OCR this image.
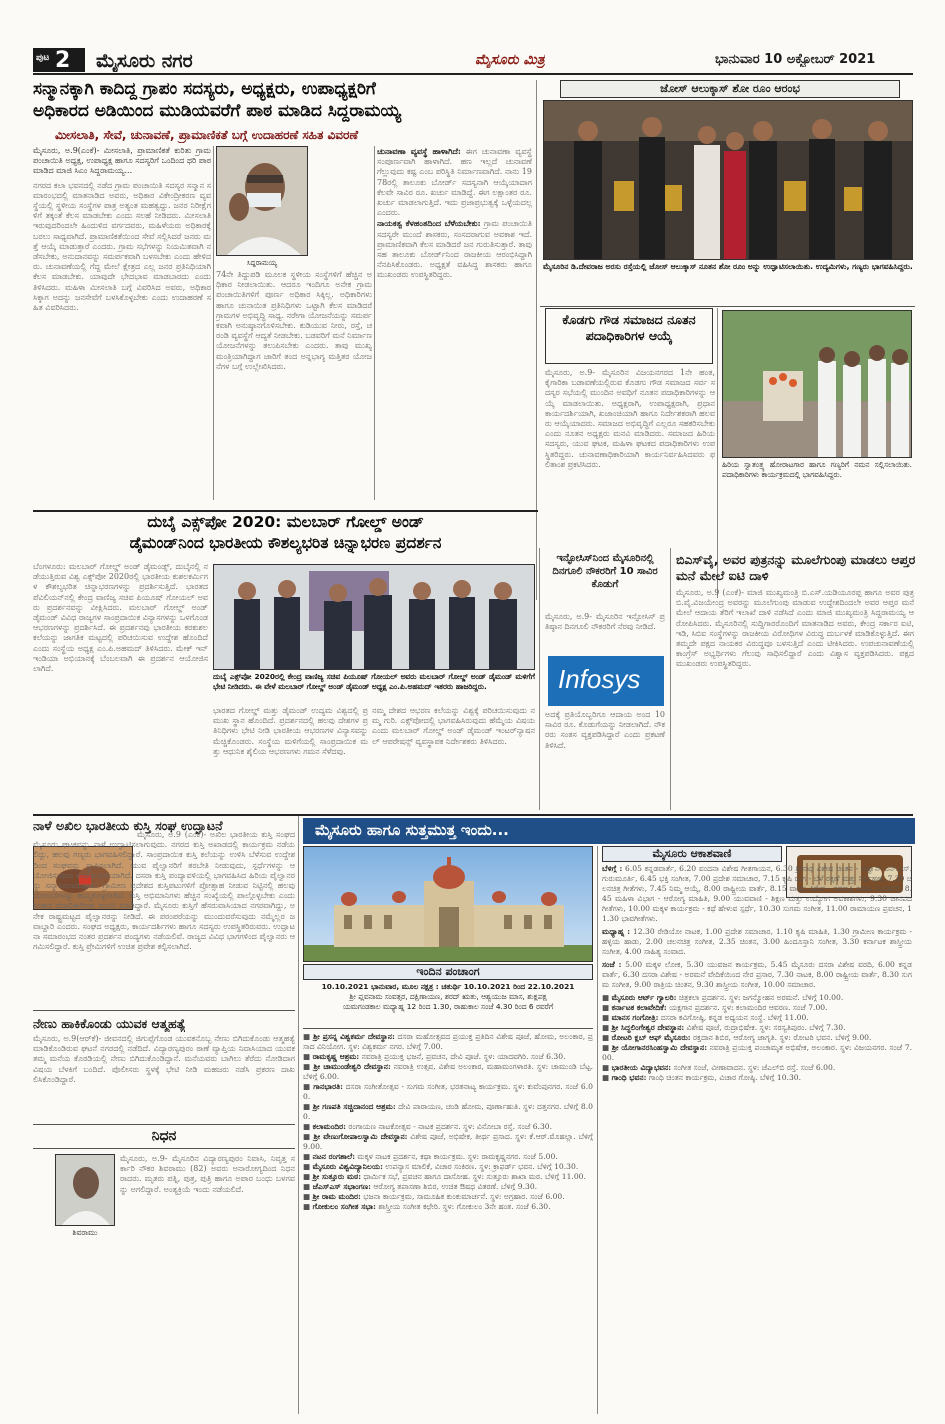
ಪುಟ 2 ಮೈಸೂರು ನಗರ	ಮೈಸೂರು ಮಿತ್ರ	ಭಾನುವಾರ 10 ಅಕ್ಟೋಬರ್ 2021
ಸನ್ಮಾನಕ್ಕಾಗಿ ಕಾದಿದ್ದ ಗ್ರಾಪಂ ಸದಸ್ಯರು, ಅಧ್ಯಕ್ಷರು, ಉಪಾಧ್ಯಕ್ಷರಿಗೆ
ಅಧಿಕಾರದ ಅಡಿಯಿಂದ ಮುಡಿಯವರೆಗೆ ಪಾಠ ಮಾಡಿದ ಸಿದ್ದರಾಮಯ್ಯ
ಮೀಸಲಾತಿ, ಸೇವೆ, ಚುನಾವಣೆ, ಪ್ರಾಮಾಣಿಕತೆ ಬಗ್ಗೆ ಉದಾಹರಣೆ ಸಹಿತ ವಿವರಣೆ

ಮೈಸೂರು, ಅ.9(ಎಂಕೆ)- ಮೀಸಲಾತಿ, ಪ್ರಾಮಾಣಿಕತೆ ಕುರಿತು ಗ್ರಾಮ ಪಂಚಾಯಿತಿ ಅಧ್ಯಕ್ಷ, ಉಪಾಧ್ಯಕ್ಷ ಹಾಗೂ ಸದಸ್ಯರಿಗೆ ಒಂದಿಂದ ಥರಿ ಪಾಠ ಮಾಡಿದ ಮಾಜಿ ಸಿಎಂ ಸಿದ್ದರಾಮಯ್ಯ...

ನಗರದ ಕಲಾ ಭವನದಲ್ಲಿ ನಡೆದ ಗ್ರಾಮ ಪಂಚಾಯಿತಿ ಸದಸ್ಯರ ಸನ್ಮಾನ ಸಮಾರಂಭದಲ್ಲಿ ಮಾತನಾಡಿದ ಅವರು, ಅಧಿಕಾರ ವಿಕೇಂದ್ರೀಕರಣ ವ್ಯವಸ್ಥೆಯಲ್ಲಿ ಸ್ಥಳೀಯ ಸಂಸ್ಥೆಗಳ ಪಾತ್ರ ಅತ್ಯಂತ ಮಹತ್ವದ್ದು. ಜನರ ನಿರೀಕ್ಷೆಗಳಿಗೆ ತಕ್ಕಂತೆ ಕೆಲಸ ಮಾಡಬೇಕು ಎಂದು ಸಲಹೆ ನೀಡಿದರು. ಮೀಸಲಾತಿ ಇರುವುದರಿಂದಲೇ ಹಿಂದುಳಿದ ವರ್ಗದವರು, ಮಹಿಳೆಯರು ಅಧಿಕಾರಕ್ಕೆ ಬರಲು ಸಾಧ್ಯವಾಗಿದೆ. ಪ್ರಾಮಾಣಿಕತೆಯಿಂದ ಸೇವೆ ಸಲ್ಲಿಸಿದರೆ ಜನರು ಮತ್ತೆ ಆಯ್ಕೆ ಮಾಡುತ್ತಾರೆ ಎಂದರು. ಗ್ರಾಮ ಸಭೆಗಳನ್ನು ನಿಯಮಿತವಾಗಿ ನಡೆಸಬೇಕು, ಅನುದಾನವನ್ನು ಸಮರ್ಪಕವಾಗಿ ಬಳಸಬೇಕು ಎಂದು ಹೇಳಿದರು. ಚುನಾವಣೆಯಲ್ಲಿ ಗೆದ್ದ ಮೇಲೆ ಕ್ಷೇತ್ರದ ಎಲ್ಲ ಜನರ ಪ್ರತಿನಿಧಿಯಾಗಿ ಕೆಲಸ ಮಾಡಬೇಕು. ಯಾವುದೇ ಭೇದಭಾವ ಮಾಡಬಾರದು ಎಂದು ತಿಳಿಸಿದರು. ಮಹಿಳಾ ಮೀಸಲಾತಿ ಬಗ್ಗೆ ವಿವರಿಸಿದ ಅವರು, ಅಧಿಕಾರ ಸಿಕ್ಕಾಗ ಅದನ್ನು ಜನಸೇವೆಗೆ ಬಳಸಿಕೊಳ್ಳಬೇಕು ಎಂದು ಉದಾಹರಣೆ ಸಹಿತ ವಿವರಿಸಿದರು.

ಸಿದ್ದರಾಮಯ್ಯ
74ನೇ ತಿದ್ದುಪಡಿ ಮೂಲಕ ಸ್ಥಳೀಯ ಸಂಸ್ಥೆಗಳಿಗೆ ಹೆಚ್ಚಿನ ಅಧಿಕಾರ ನೀಡಲಾಯಿತು. ಆದರೂ ಇಂದಿಗೂ ಅನೇಕ ಗ್ರಾಮ ಪಂಚಾಯಿತಿಗಳಿಗೆ ಪೂರ್ಣ ಅಧಿಕಾರ ಸಿಕ್ಕಿಲ್ಲ. ಅಧಿಕಾರಿಗಳು ಹಾಗೂ ಚುನಾಯಿತ ಪ್ರತಿನಿಧಿಗಳು ಒಟ್ಟಾಗಿ ಕೆಲಸ ಮಾಡಿದರೆ ಗ್ರಾಮಗಳ ಅಭಿವೃದ್ಧಿ ಸಾಧ್ಯ. ನರೇಗಾ ಯೋಜನೆಯನ್ನು ಸಮರ್ಪಕವಾಗಿ ಅನುಷ್ಠಾನಗೊಳಿಸಬೇಕು. ಕುಡಿಯುವ ನೀರು, ರಸ್ತೆ, ಚರಂಡಿ ವ್ಯವಸ್ಥೆಗೆ ಆದ್ಯತೆ ನೀಡಬೇಕು. ಬಡವರಿಗೆ ಮನೆ ನಿರ್ಮಾಣ ಯೋಜನೆಗಳನ್ನು ತಲುಪಿಸಬೇಕು ಎಂದರು. ತಾವು ಮುಖ್ಯಮಂತ್ರಿಯಾಗಿದ್ದಾಗ ಜಾರಿಗೆ ತಂದ ಅನ್ನಭಾಗ್ಯ ಮತ್ತಿತರ ಯೋಜನೆಗಳ ಬಗ್ಗೆ ಉಲ್ಲೇಖಿಸಿದರು.
ಚುನಾವಣಾ ವ್ಯವಸ್ಥೆ ಹಾಳಾಗಿದೆ: ಈಗ ಚುನಾವಣಾ ವ್ಯವಸ್ಥೆ ಸಂಪೂರ್ಣವಾಗಿ ಹಾಳಾಗಿದೆ. ಹಣ ಇಲ್ಲದೆ ಚುನಾವಣೆ ಗೆಲ್ಲುವುದು ಕಷ್ಟ ಎಂಬ ಪರಿಸ್ಥಿತಿ ನಿರ್ಮಾಣವಾಗಿದೆ. ನಾನು 1978ರಲ್ಲಿ ತಾಲೂಕು ಬೋರ್ಡ್ ಸದಸ್ಯನಾಗಿ ಆಯ್ಕೆಯಾದಾಗ ಕೆಲವೇ ಸಾವಿರ ರೂ. ಖರ್ಚು ಮಾಡಿದ್ದೆ. ಈಗ ಲಕ್ಷಾಂತರ ರೂ. ಖರ್ಚು ಮಾಡಲಾಗುತ್ತಿದೆ. ಇದು ಪ್ರಜಾಪ್ರಭುತ್ವಕ್ಕೆ ಒಳ್ಳೆಯದಲ್ಲ ಎಂದರು.
ನಾಯಕತ್ವ ಕೆಳಹಂತದಿಂದ ಬೆಳೆಯಬೇಕು: ಗ್ರಾಮ ಪಂಚಾಯಿತಿ ಸದಸ್ಯರೇ ಮುಂದೆ ಶಾಸಕರು, ಸಂಸದರಾಗುವ ಅವಕಾಶ ಇದೆ. ಪ್ರಾಮಾಣಿಕವಾಗಿ ಕೆಲಸ ಮಾಡಿದರೆ ಜನ ಗುರುತಿಸುತ್ತಾರೆ. ತಾವು ಸಹ ತಾಲೂಕು ಬೋರ್ಡ್‌ನಿಂದ ರಾಜಕೀಯ ಆರಂಭಿಸಿದ್ದಾಗಿ ನೆನಪಿಸಿಕೊಂಡರು. ಅಧ್ಯಕ್ಷತೆ ವಹಿಸಿದ್ದ ಶಾಸಕರು ಹಾಗೂ ಮುಖಂಡರು ಉಪಸ್ಥಿತರಿದ್ದರು.
ಜೋಸ್ ಆಲುಕ್ಕಾಸ್ ಶೋ ರೂಂ ಆರಂಭ
ಮೈಸೂರಿನ ಡಿ.ದೇವರಾಜ ಅರಸು ರಸ್ತೆಯಲ್ಲಿ ಜೋಸ್ ಆಲುಕ್ಕಾಸ್ ನೂತನ ಶೋ ರೂಂ ಅನ್ನು ಉದ್ಘಾಟಿಸಲಾಯಿತು. ಉದ್ಯಮಿಗಳು, ಗಣ್ಯರು ಭಾಗವಹಿಸಿದ್ದರು.
ಕೊಡಗು ಗೌಡ ಸಮಾಜದ ನೂತನ ಪದಾಧಿಕಾರಿಗಳ ಆಯ್ಕೆ
ಮೈಸೂರು, ಅ.9- ಮೈಸೂರಿನ ವಿಜಯನಗರದ 1ನೇ ಹಂತ, ಕೈಗಾರಿಕಾ ಬಡಾವಣೆಯಲ್ಲಿರುವ ಕೊಡಗು ಗೌಡ ಸಮಾಜದ ಸರ್ವ ಸದಸ್ಯರ ಸಭೆಯಲ್ಲಿ ಮುಂದಿನ ಅವಧಿಗೆ ನೂತನ ಪದಾಧಿಕಾರಿಗಳನ್ನು ಆಯ್ಕೆ ಮಾಡಲಾಯಿತು. ಅಧ್ಯಕ್ಷರಾಗಿ, ಉಪಾಧ್ಯಕ್ಷರಾಗಿ, ಪ್ರಧಾನ ಕಾರ್ಯದರ್ಶಿಯಾಗಿ, ಖಜಾಂಚಿಯಾಗಿ ಹಾಗೂ ನಿರ್ದೇಶಕರಾಗಿ ಹಲವರು ಆಯ್ಕೆಯಾದರು. ಸಮಾಜದ ಅಭಿವೃದ್ಧಿಗೆ ಎಲ್ಲರೂ ಸಹಕರಿಸಬೇಕು ಎಂದು ನೂತನ ಅಧ್ಯಕ್ಷರು ಮನವಿ ಮಾಡಿದರು. ಸಮಾಜದ ಹಿರಿಯ ಸದಸ್ಯರು, ಯುವ ಘಟಕ, ಮಹಿಳಾ ಘಟಕದ ಪದಾಧಿಕಾರಿಗಳು ಉಪಸ್ಥಿತರಿದ್ದರು. ಚುನಾವಣಾಧಿಕಾರಿಯಾಗಿ ಕಾರ್ಯನಿರ್ವಹಿಸಿದವರು ಫಲಿತಾಂಶ ಪ್ರಕಟಿಸಿದರು.	ಹಿರಿಯ ಸ್ವಾತಂತ್ರ್ಯ ಹೋರಾಟಗಾರ ಹಾಗೂ ಗಣ್ಯರಿಗೆ ನಮನ ಸಲ್ಲಿಸಲಾಯಿತು. ಪದಾಧಿಕಾರಿಗಳು ಕಾರ್ಯಕ್ರಮದಲ್ಲಿ ಭಾಗವಹಿಸಿದ್ದರು.
ದುಬೈ ಎಕ್ಸ್‌ಪೋ 2020: ಮಲಬಾರ್ ಗೋಲ್ಡ್ ಅಂಡ್
ಡೈಮಂಡ್‌ನಿಂದ ಭಾರತೀಯ ಕೌಶಲ್ಯಭರಿತ ಚಿನ್ನಾಭರಣ ಪ್ರದರ್ಶನ
ಬೆಂಗಳೂರು: ಮಲಬಾರ್ ಗೋಲ್ಡ್ ಅಂಡ್ ಡೈಮಂಡ್ಸ್, ದುಬೈನಲ್ಲಿ ನಡೆಯುತ್ತಿರುವ ವಿಶ್ವ ಎಕ್ಸ್‌ಪೋ 2020ರಲ್ಲಿ ಭಾರತೀಯ ಕುಶಲಕರ್ಮಿಗಳ ಕೌಶಲ್ಯಭರಿತ ಚಿನ್ನಾಭರಣಗಳನ್ನು ಪ್ರದರ್ಶಿಸುತ್ತಿದೆ. ಭಾರತದ ಪೆವಿಲಿಯನ್‌ನಲ್ಲಿ ಕೇಂದ್ರ ವಾಣಿಜ್ಯ ಸಚಿವ ಪಿಯೂಷ್ ಗೋಯಲ್ ಅವರು ಪ್ರದರ್ಶನವನ್ನು ವೀಕ್ಷಿಸಿದರು. ಮಲಬಾರ್ ಗೋಲ್ಡ್ ಅಂಡ್ ಡೈಮಂಡ್ ವಿವಿಧ ರಾಜ್ಯಗಳ ಸಾಂಪ್ರದಾಯಿಕ ವಿನ್ಯಾಸಗಳನ್ನು ಒಳಗೊಂಡ ಆಭರಣಗಳನ್ನು ಪ್ರದರ್ಶಿಸಿದೆ. ಈ ಪ್ರದರ್ಶನವು ಭಾರತೀಯ ಕರಕುಶಲ ಕಲೆಯನ್ನು ಜಾಗತಿಕ ಮಟ್ಟದಲ್ಲಿ ಪರಿಚಯಿಸುವ ಉದ್ದೇಶ ಹೊಂದಿದೆ ಎಂದು ಸಂಸ್ಥೆಯ ಅಧ್ಯಕ್ಷ ಎಂ.ಪಿ.ಅಹಮದ್ ತಿಳಿಸಿದರು. ಮೇಕ್ ಇನ್ ಇಂಡಿಯಾ ಅಭಿಯಾನಕ್ಕೆ ಬೆಂಬಲವಾಗಿ ಈ ಪ್ರದರ್ಶನ ಆಯೋಜಿಸಲಾಗಿದೆ.
ದುಬೈ ಎಕ್ಸ್‌ಪೋ 2020ರಲ್ಲಿ ಕೇಂದ್ರ ವಾಣಿಜ್ಯ ಸಚಿವ ಪಿಯೂಷ್ ಗೋಯಲ್ ಅವರು ಮಲಬಾರ್ ಗೋಲ್ಡ್ ಅಂಡ್ ಡೈಮಂಡ್ ಮಳಿಗೆಗೆ ಭೇಟಿ ನೀಡಿದರು. ಈ ವೇಳೆ ಮಲಬಾರ್ ಗೋಲ್ಡ್ ಅಂಡ್ ಡೈಮಂಡ್ ಅಧ್ಯಕ್ಷ ಎಂ.ಪಿ.ಅಹಮದ್ ಇತರರು ಹಾಜರಿದ್ದರು.
ಭಾರತದ ಗೋಲ್ಡ್ ಮತ್ತು ಡೈಮಂಡ್ ಉದ್ಯಮ ವಿಶ್ವದಲ್ಲಿ ಪ್ರಮುಖ ಸ್ಥಾನ ಹೊಂದಿದೆ. ಪ್ರದರ್ಶನದಲ್ಲಿ ಹಲವು ದೇಶಗಳ ಪ್ರತಿನಿಧಿಗಳು ಭೇಟಿ ನೀಡಿ ಭಾರತೀಯ ಆಭರಣಗಳ ವಿನ್ಯಾಸವನ್ನು ಮೆಚ್ಚಿಕೊಂಡರು. ಸಂಸ್ಥೆಯ ಮಳಿಗೆಯಲ್ಲಿ ಸಾಂಪ್ರದಾಯಿಕ ಮತ್ತು ಆಧುನಿಕ ಶೈಲಿಯ ಆಭರಣಗಳು ಗಮನ ಸೆಳೆದವು.
ನಮ್ಮ ದೇಶದ ಆಭರಣ ಕಲೆಯನ್ನು ವಿಶ್ವಕ್ಕೆ ಪರಿಚಯಿಸುವುದು ನಮ್ಮ ಗುರಿ. ಎಕ್ಸ್‌ಪೋದಲ್ಲಿ ಭಾಗವಹಿಸಿರುವುದು ಹೆಮ್ಮೆಯ ವಿಷಯ ಎಂದು ಮಲಬಾರ್ ಗೋಲ್ಡ್ ಅಂಡ್ ಡೈಮಂಡ್ ಇಂಟರ್‌ನ್ಯಾಷನಲ್ ಆಪರೇಷನ್ಸ್ ವ್ಯವಸ್ಥಾಪಕ ನಿರ್ದೇಶಕರು ತಿಳಿಸಿದರು.
ಇನ್ಫೋಸಿಸ್‌ನಿಂದ ಮೈಸೂರಿನಲ್ಲಿ ದಿನಗೂಲಿ ನೌಕರರಿಗೆ 10 ಸಾವಿರ ಕೊಡುಗೆ
ಮೈಸೂರು, ಅ.9- ಮೈಸೂರಿನ ಇನ್ಫೋಸಿಸ್ ಪ್ರತಿಷ್ಠಾನ ದಿನಗೂಲಿ ನೌಕರರಿಗೆ ನೆರವು ನೀಡಿದೆ.
Infosys
ಅದಕ್ಕೆ ಪ್ರತಿಯೊಬ್ಬರಿಗೂ ಆದಾಯ ಅಂದ 10 ಸಾವಿರ ರೂ. ಕೊಡುಗೆಯನ್ನು ನೀಡಲಾಗಿದೆ. ನೌಕರರು ಸಂತಸ ವ್ಯಕ್ತಪಡಿಸಿದ್ದಾರೆ ಎಂದು ಪ್ರಕಟಣೆ ತಿಳಿಸಿದೆ.
ಬಿಎಸ್‌ವೈ, ಅವರ ಪುತ್ರನನ್ನು ಮೂಲೆಗುಂಪು ಮಾಡಲು ಆಪ್ತರ ಮನೆ ಮೇಲೆ ಐಟಿ ದಾಳಿ
ಮೈಸೂರು, ಅ.9 (ಎಂಕೆ)- ಮಾಜಿ ಮುಖ್ಯಮಂತ್ರಿ ಬಿ.ಎಸ್.ಯಡಿಯೂರಪ್ಪ ಹಾಗೂ ಅವರ ಪುತ್ರ ಬಿ.ವೈ.ವಿಜಯೇಂದ್ರ ಅವರನ್ನು ಮೂಲೆಗುಂಪು ಮಾಡುವ ಉದ್ದೇಶದಿಂದಲೇ ಅವರ ಆಪ್ತರ ಮನೆ ಮೇಲೆ ಆದಾಯ ತೆರಿಗೆ ಇಲಾಖೆ ದಾಳಿ ನಡೆಸಿದೆ ಎಂದು ಮಾಜಿ ಮುಖ್ಯಮಂತ್ರಿ ಸಿದ್ದರಾಮಯ್ಯ ಆರೋಪಿಸಿದರು. ಮೈಸೂರಿನಲ್ಲಿ ಸುದ್ದಿಗಾರರೊಂದಿಗೆ ಮಾತನಾಡಿದ ಅವರು, ಕೇಂದ್ರ ಸರ್ಕಾರ ಐಟಿ, ಇಡಿ, ಸಿಬಿಐ ಸಂಸ್ಥೆಗಳನ್ನು ರಾಜಕೀಯ ವಿರೋಧಿಗಳ ವಿರುದ್ಧ ದುರ್ಬಳಕೆ ಮಾಡಿಕೊಳ್ಳುತ್ತಿದೆ. ಈಗ ತಮ್ಮದೇ ಪಕ್ಷದ ನಾಯಕರ ವಿರುದ್ಧವೂ ಬಳಸುತ್ತಿದೆ ಎಂದು ಟೀಕಿಸಿದರು. ಉಪಚುನಾವಣೆಯಲ್ಲಿ ಕಾಂಗ್ರೆಸ್ ಅಭ್ಯರ್ಥಿಗಳು ಗೆಲುವು ಸಾಧಿಸಲಿದ್ದಾರೆ ಎಂದು ವಿಶ್ವಾಸ ವ್ಯಕ್ತಪಡಿಸಿದರು. ಪಕ್ಷದ ಮುಖಂಡರು ಉಪಸ್ಥಿತರಿದ್ದರು.
ನಾಳೆ ಅಖಿಲ ಭಾರತೀಯ ಕುಸ್ತಿ ಸಂಘ ಉದ್ಘಾಟನೆ
ಮೈಸೂರು, ಅ.9 (ಎಂಕೆ)- ಅಖಿಲ ಭಾರತೀಯ ಕುಸ್ತಿ ಸಂಘದ ಮೈಸೂರು ಘಟಕವನ್ನು ನಾಳೆ ಉದ್ಘಾಟಿಸಲಾಗುವುದು. ನಗರದ ಕುಸ್ತಿ ಅಖಾಡದಲ್ಲಿ ಕಾರ್ಯಕ್ರಮ ನಡೆಯಲಿದ್ದು, ಹಲವು ಗಣ್ಯರು ಭಾಗವಹಿಸಲಿದ್ದಾರೆ. ಸಾಂಪ್ರದಾಯಿಕ ಕುಸ್ತಿ ಕಲೆಯನ್ನು ಉಳಿಸಿ ಬೆಳೆಸುವ ಉದ್ದೇಶದಿಂದ ಸಂಘವನ್ನು ಸ್ಥಾಪಿಸಲಾಗಿದೆ. ಯುವ ಪೈಲ್ವಾನರಿಗೆ ತರಬೇತಿ ನೀಡುವುದು, ಸ್ಪರ್ಧೆಗಳನ್ನು ಆಯೋಜಿಸುವುದು ಸಂಘದ ಗುರಿಯಾಗಿದೆ. ದಸರಾ ಕುಸ್ತಿ ಪಂದ್ಯಾವಳಿಯಲ್ಲಿ ಭಾಗವಹಿಸಿದ ಹಿರಿಯ ಪೈಲ್ವಾನರನ್ನು ಸನ್ಮಾನಿಸಲಾಗುವುದು. ಗ್ರಾಮೀಣ ಪ್ರದೇಶದ ಕುಸ್ತಿಪಟುಗಳಿಗೆ ಪ್ರೋತ್ಸಾಹ ನೀಡುವ ನಿಟ್ಟಿನಲ್ಲಿ ಹಲವು ಯೋಜನೆಗಳನ್ನು ಹಮ್ಮಿಕೊಳ್ಳಲಾಗಿದೆ. ಕುಸ್ತಿ ಅಭಿಮಾನಿಗಳು ಹೆಚ್ಚಿನ ಸಂಖ್ಯೆಯಲ್ಲಿ ಪಾಲ್ಗೊಳ್ಳಬೇಕು ಎಂದು ಸಂಘದ ಪದಾಧಿಕಾರಿಗಳು ಮನವಿ ಮಾಡಿದ್ದಾರೆ. ಮೈಸೂರು ಕುಸ್ತಿಗೆ ಹೆಸರುವಾಸಿಯಾದ ನಗರವಾಗಿದ್ದು, ಅನೇಕ ರಾಷ್ಟ್ರಮಟ್ಟದ ಪೈಲ್ವಾನರನ್ನು ನೀಡಿದೆ. ಈ ಪರಂಪರೆಯನ್ನು ಮುಂದುವರೆಸುವುದು ನಮ್ಮೆಲ್ಲರ ಜವಾಬ್ದಾರಿ ಎಂದರು. ಸಂಘದ ಅಧ್ಯಕ್ಷರು, ಕಾರ್ಯದರ್ಶಿಗಳು ಹಾಗೂ ಸದಸ್ಯರು ಉಪಸ್ಥಿತರಿರುವರು. ಉದ್ಘಾಟನಾ ಸಮಾರಂಭದ ನಂತರ ಪ್ರದರ್ಶನ ಪಂದ್ಯಗಳು ನಡೆಯಲಿವೆ. ರಾಜ್ಯದ ವಿವಿಧ ಭಾಗಗಳಿಂದ ಪೈಲ್ವಾನರು ಆಗಮಿಸಲಿದ್ದಾರೆ. ಕುಸ್ತಿ ಪ್ರೇಮಿಗಳಿಗೆ ಉಚಿತ ಪ್ರವೇಶ ಕಲ್ಪಿಸಲಾಗಿದೆ.
ನೇಣು ಹಾಕಿಕೊಂಡು ಯುವಕ ಆತ್ಮಹತ್ಯೆ
ಮೈಸೂರು, ಅ.9(ಆರ್‌ಕೆ)- ಜೀವನದಲ್ಲಿ ಜಿಗುಪ್ಸೆಗೊಂಡ ಯುವಕನೊಬ್ಬ ನೇಣು ಬಿಗಿದುಕೊಂಡು ಆತ್ಮಹತ್ಯೆ ಮಾಡಿಕೊಂಡಿರುವ ಘಟನೆ ನಗರದಲ್ಲಿ ನಡೆದಿದೆ. ವಿದ್ಯಾರಣ್ಯಪುರಂ ಠಾಣೆ ವ್ಯಾಪ್ತಿಯ ನಿವಾಸಿಯಾದ ಯುವಕ ತಮ್ಮ ಮನೆಯ ಕೊಠಡಿಯಲ್ಲಿ ನೇಣು ಬಿಗಿದುಕೊಂಡಿದ್ದಾನೆ. ಮನೆಯವರು ಬಾಗಿಲು ತೆರೆದು ನೋಡಿದಾಗ ವಿಷಯ ಬೆಳಕಿಗೆ ಬಂದಿದೆ. ಪೊಲೀಸರು ಸ್ಥಳಕ್ಕೆ ಭೇಟಿ ನೀಡಿ ಮಹಜರು ನಡೆಸಿ ಪ್ರಕರಣ ದಾಖಲಿಸಿಕೊಂಡಿದ್ದಾರೆ.
ನಿಧನ
ಶಿವರಾಮು
ಮೈಸೂರು, ಅ.9- ಮೈಸೂರಿನ ವಿದ್ಯಾರಣ್ಯಪುರಂ ನಿವಾಸಿ, ನಿವೃತ್ತ ಸರ್ಕಾರಿ ನೌಕರ ಶಿವರಾಮು (82) ಅವರು ಅನಾರೋಗ್ಯದಿಂದ ನಿಧನರಾದರು. ಮೃತರು ಪತ್ನಿ, ಪುತ್ರ, ಪುತ್ರಿ ಹಾಗೂ ಅಪಾರ ಬಂಧು ಬಳಗವನ್ನು ಅಗಲಿದ್ದಾರೆ. ಅಂತ್ಯಕ್ರಿಯೆ ಇಂದು ನಡೆಯಲಿದೆ.
ಮೈಸೂರು ಹಾಗೂ ಸುತ್ತಮುತ್ತ ಇಂದು...
ಇಂದಿನ ಪಂಚಾಂಗ
10.10.2021 ಭಾನುವಾರ, ಮೂಲ ನಕ್ಷತ್ರ : ಚತುರ್ಥಿ 10.10.2021 ರಿಂದ 22.10.2021
ಶ್ರೀ ಪ್ಲವನಾಮ ಸಂವತ್ಸರ, ದಕ್ಷಿಣಾಯಣ, ಶರದ್ ಋತು, ಆಶ್ವಯುಜ ಮಾಸ, ಶುಕ್ಲಪಕ್ಷ
ಯಮಗಂಡಕಾಲ ಮಧ್ಯಾಹ್ನ 12 ರಿಂದ 1.30, ರಾಹುಕಾಲ ಸಂಜೆ 4.30 ರಿಂದ 6 ರವರೆಗೆ

■ ಶ್ರೀ ಪ್ರಸನ್ನ ವಿಶ್ವಕರ್ಮ ದೇವಸ್ಥಾನ: ದಸರಾ ಮಹೋತ್ಸವದ ಪ್ರಯುಕ್ತ ಪ್ರತಿದಿನ ವಿಶೇಷ ಪೂಜೆ, ಹೋಮ, ಅಲಂಕಾರ, ಪ್ರಸಾದ ವಿನಿಯೋಗ. ಸ್ಥಳ: ವಿಶ್ವಕರ್ಮ ನಗರ. ಬೆಳಿಗ್ಗೆ 7.00.

■ ರಾಮಕೃಷ್ಣ ಆಶ್ರಮ: ನವರಾತ್ರಿ ಪ್ರಯುಕ್ತ ಭಜನೆ, ಪ್ರವಚನ, ದೇವಿ ಪೂಜೆ. ಸ್ಥಳ: ಯಾದವಗಿರಿ. ಸಂಜೆ 6.30.

■ ಶ್ರೀ ಚಾಮುಂಡೇಶ್ವರಿ ದೇವಸ್ಥಾನ: ನವರಾತ್ರಿ ಉತ್ಸವ, ವಿಶೇಷ ಅಲಂಕಾರ, ಮಹಾಮಂಗಳಾರತಿ. ಸ್ಥಳ: ಚಾಮುಂಡಿ ಬೆಟ್ಟ. ಬೆಳಿಗ್ಗೆ 6.00.

■ ಗಾನಭಾರತಿ: ದಸರಾ ಸಂಗೀತೋತ್ಸವ - ಸುಗಮ ಸಂಗೀತ, ಭರತನಾಟ್ಯ ಕಾರ್ಯಕ್ರಮ. ಸ್ಥಳ: ಕುವೆಂಪುನಗರ. ಸಂಜೆ 6.00.

■ ಶ್ರೀ ಗಣಪತಿ ಸಚ್ಚಿದಾನಂದ ಆಶ್ರಮ: ದೇವಿ ಪಾರಾಯಣ, ಚಂಡಿ ಹೋಮ, ಪೂರ್ಣಾಹುತಿ. ಸ್ಥಳ: ದತ್ತನಗರ. ಬೆಳಿಗ್ಗೆ 8.00.

■ ಕಲಾಮಂದಿರ: ರಂಗಾಯಣ ನಾಟಕೋತ್ಸವ - ನಾಟಕ ಪ್ರದರ್ಶನ. ಸ್ಥಳ: ವಿನೋಬಾ ರಸ್ತೆ. ಸಂಜೆ 6.30.

■ ಶ್ರೀ ವೇಣುಗೋಪಾಲಸ್ವಾಮಿ ದೇವಸ್ಥಾನ: ವಿಶೇಷ ಪೂಜೆ, ಅಭಿಷೇಕ, ತೀರ್ಥ ಪ್ರಸಾದ. ಸ್ಥಳ: ಕೆ.ಆರ್.ಮೊಹಲ್ಲಾ. ಬೆಳಿಗ್ಗೆ 9.00.

■ ನಟನ ರಂಗಶಾಲೆ: ಮಕ್ಕಳ ನಾಟಕ ಪ್ರದರ್ಶನ, ಕಥಾ ಕಾರ್ಯಕ್ರಮ. ಸ್ಥಳ: ರಾಮಕೃಷ್ಣನಗರ. ಸಂಜೆ 5.00.

■ ಮೈಸೂರು ವಿಶ್ವವಿದ್ಯಾನಿಲಯ: ಉಪನ್ಯಾಸ ಮಾಲಿಕೆ, ವಿಚಾರ ಸಂಕಿರಣ. ಸ್ಥಳ: ಕ್ರಾಫರ್ಡ್ ಭವನ. ಬೆಳಿಗ್ಗೆ 10.30.

■ ಶ್ರೀ ಸುತ್ತೂರು ಮಠ: ಧಾರ್ಮಿಕ ಸಭೆ, ಪ್ರವಚನ ಹಾಗೂ ದಾಸೋಹ. ಸ್ಥಳ: ಸುತ್ತೂರು ಶಾಖಾ ಮಠ. ಬೆಳಿಗ್ಗೆ 11.00.

■ ಜೆಎಸ್‌ಎಸ್ ಸಭಾಂಗಣ: ಆರೋಗ್ಯ ತಪಾಸಣಾ ಶಿಬಿರ, ಉಚಿತ ಔಷಧ ವಿತರಣೆ. ಬೆಳಿಗ್ಗೆ 9.30.

■ ಶ್ರೀ ರಾಮ ಮಂದಿರ: ಭಜನಾ ಕಾರ್ಯಕ್ರಮ, ಸಾಮೂಹಿಕ ಕುಂಕುಮಾರ್ಚನೆ. ಸ್ಥಳ: ಅಗ್ರಹಾರ. ಸಂಜೆ 6.00.

■ ಗೋಕುಲಂ ಸಂಗೀತ ಸಭಾ: ಶಾಸ್ತ್ರೀಯ ಸಂಗೀತ ಕಛೇರಿ. ಸ್ಥಳ: ಗೋಕುಲಂ 3ನೇ ಹಂತ. ಸಂಜೆ 6.30.

ಮೈಸೂರು ಆಕಾಶವಾಣಿ

ಬೆಳಿಗ್ಗೆ : 6.05 ಕನ್ನಡವಾರ್ತೆ, 6.20 ವಂದನಾ ವಿಶೇಷ ಗೀತಗಾಯನ, 6.30 ಶ್ರೀನಾಥ ವಿಶೇಷ ಚಿಂತನ - ವಿದ್ವಾನ್ ಎನ್.ಎಸ್.ಗುರುಮೂರ್ತಿ, 6.45 ಭಕ್ತಿ ಸಂಗೀತ, 7.00 ಪ್ರದೇಶ ಸಮಾಚಾರ, 7.15 ಕೃಷಿ ರಂಗ - ಬೆಳೆ ರಕ್ಷಣೆ ಮತ್ತು ನಿರ್ವಹಣೆ, 7.30 ಚಲನಚಿತ್ರ ಗೀತೆಗಳು, 7.45 ನಿಮ್ಮ ಆಯ್ಕೆ, 8.00 ರಾಷ್ಟ್ರೀಯ ವಾರ್ತೆ, 8.15 ವಾರದ ವಿಶೇಷ - ನವರಾತ್ರಿ ಕುರಿತು ಸಂದರ್ಶನ, 8.45 ಮಹಿಳಾ ವಿಭಾಗ - ಆರೋಗ್ಯ ಮಾಹಿತಿ, 9.00 ಯುವವಾಣಿ - ಶಿಕ್ಷಣ ಮತ್ತು ಉದ್ಯೋಗ ಅವಕಾಶಗಳು, 9.30 ಜಾನಪದ ಗೀತೆಗಳು, 10.00 ಮಕ್ಕಳ ಕಾರ್ಯಕ್ರಮ - ಕಥೆ ಹೇಳುವ ಸ್ಪರ್ಧೆ, 10.30 ಸುಗಮ ಸಂಗೀತ, 11.00 ರಾಮಾಯಣ ಪ್ರವಚನ, 11.30 ಭಾವಗೀತೆಗಳು.

ಮಧ್ಯಾಹ್ನ : 12.30 ರೇಡಿಯೋ ನಾಟಕ, 1.00 ಪ್ರದೇಶ ಸಮಾಚಾರ, 1.10 ಕೃಷಿ ಮಾಹಿತಿ, 1.30 ಗ್ರಾಮೀಣ ಕಾರ್ಯಕ್ರಮ - ಹಳ್ಳಿಯ ಹಾಡು, 2.00 ಚಲನಚಿತ್ರ ಸಂಗೀತ, 2.35 ಚಿಂತನ, 3.00 ಹಿಂದೂಸ್ತಾನಿ ಸಂಗೀತ, 3.30 ಕರ್ನಾಟಕ ಶಾಸ್ತ್ರೀಯ ಸಂಗೀತ, 4.00 ಸಾಹಿತ್ಯ ಸಂವಾದ.

ಸಂಜೆ : 5.00 ಮಕ್ಕಳ ಲೋಕ, 5.30 ಯುವಜನ ಕಾರ್ಯಕ್ರಮ, 5.45 ಮೈಸೂರು ದಸರಾ ವಿಶೇಷ ವರದಿ, 6.00 ಕನ್ನಡ ವಾರ್ತೆ, 6.30 ದಸರಾ ವಿಶೇಷ - ಅರಮನೆ ವೇದಿಕೆಯಿಂದ ನೇರ ಪ್ರಸಾರ, 7.30 ನಾಟಕ, 8.00 ರಾಷ್ಟ್ರೀಯ ವಾರ್ತೆ, 8.30 ಸುಗಮ ಸಂಗೀತ, 9.00 ರಾತ್ರಿಯ ಚಿಂತನ, 9.30 ಶಾಸ್ತ್ರೀಯ ಸಂಗೀತ, 10.00 ಸಮಾಚಾರ.

■ ಮೈಸೂರು ಆರ್ಟ್ ಗ್ಯಾಲರಿ: ಚಿತ್ರಕಲಾ ಪ್ರದರ್ಶನ. ಸ್ಥಳ: ಜಗನ್ಮೋಹನ ಅರಮನೆ. ಬೆಳಿಗ್ಗೆ 10.00.

■ ಕರ್ನಾಟಕ ಕಲಾವೇದಿಕೆ: ಯಕ್ಷಗಾನ ಪ್ರದರ್ಶನ. ಸ್ಥಳ: ಕಲಾಮಂದಿರ ಆವರಣ. ಸಂಜೆ 7.00.

■ ಮಾನಸ ಗಂಗೋತ್ರಿ: ದಸರಾ ಕವಿಗೋಷ್ಠಿ, ಕನ್ನಡ ಅಧ್ಯಯನ ಸಂಸ್ಥೆ. ಬೆಳಿಗ್ಗೆ 11.00.

■ ಶ್ರೀ ಸಿದ್ಧಲಿಂಗೇಶ್ವರ ದೇವಸ್ಥಾನ: ವಿಶೇಷ ಪೂಜೆ, ರುದ್ರಾಭಿಷೇಕ. ಸ್ಥಳ: ಸರಸ್ವತಿಪುರಂ. ಬೆಳಿಗ್ಗೆ 7.30.

■ ರೋಟರಿ ಕ್ಲಬ್ ಆಫ್ ಮೈಸೂರು: ರಕ್ತದಾನ ಶಿಬಿರ, ಆರೋಗ್ಯ ಜಾಗೃತಿ. ಸ್ಥಳ: ರೋಟರಿ ಭವನ. ಬೆಳಿಗ್ಗೆ 9.00.

■ ಶ್ರೀ ಯೋಗಾನರಸಿಂಹಸ್ವಾಮಿ ದೇವಸ್ಥಾನ: ನವರಾತ್ರಿ ಪ್ರಯುಕ್ತ ಪಂಚಾಮೃತ ಅಭಿಷೇಕ, ಅಲಂಕಾರ. ಸ್ಥಳ: ವಿಜಯನಗರ. ಸಂಜೆ 7.00.

■ ಭಾರತೀಯ ವಿದ್ಯಾಭವನ: ಸಂಗೀತ ಸಂಜೆ, ವೀಣಾವಾದನ. ಸ್ಥಳ: ಜೆಎಲ್‌ಬಿ ರಸ್ತೆ. ಸಂಜೆ 6.00.

■ ಗಾಂಧಿ ಭವನ: ಗಾಂಧಿ ಚಿಂತನ ಕಾರ್ಯಕ್ರಮ, ವಿಚಾರ ಗೋಷ್ಠಿ. ಬೆಳಿಗ್ಗೆ 10.30.
